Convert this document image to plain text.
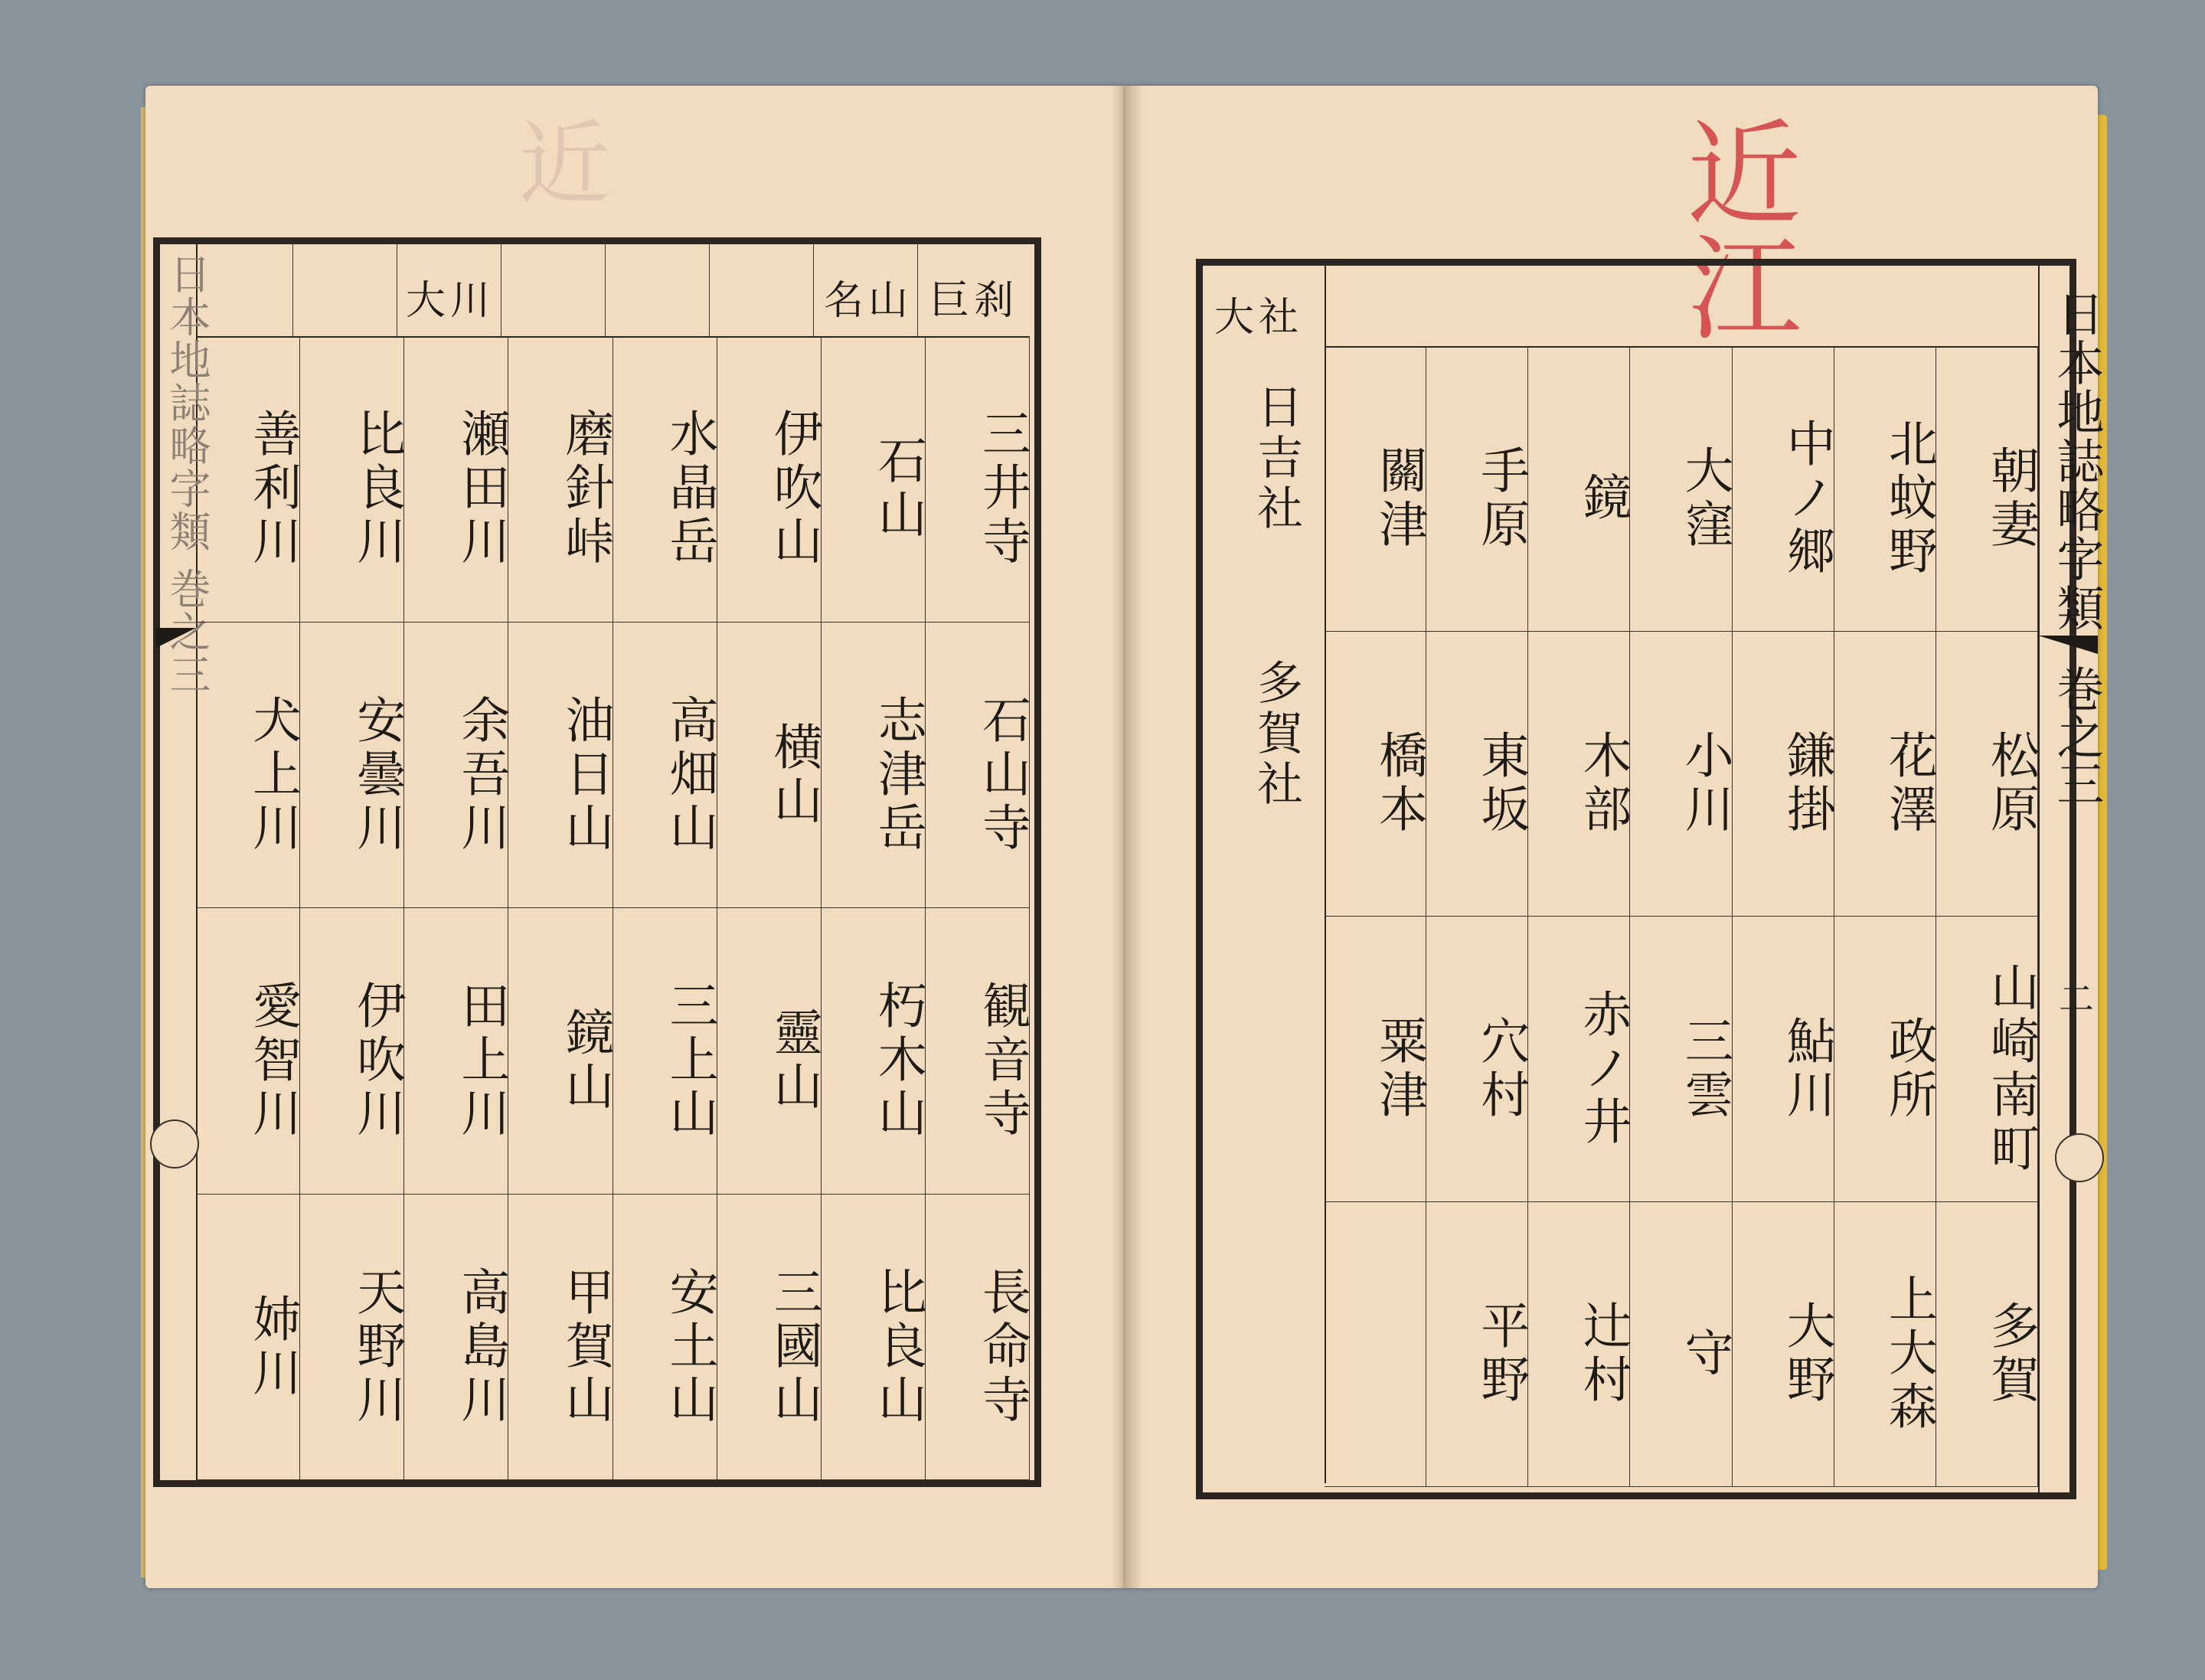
近	近江
日本地誌略字類 巻之三	巨刹
名山
大川
三井寺
石山
伊吹山
水晶岳
磨針峠
瀬田川
比良川
善利川
石山寺
志津岳
横山
高畑山
油日山
余吾川
安曇川
犬上川
観音寺
朽木山
靈山
三上山
鏡山
田上川
伊吹川
愛智川
長命寺
比良山
三國山
安土山
甲賀山
高島川
天野川
姉川
日本地誌略字類
巻之三
二
大社
日吉社
多賀社
朝妻
北蚊野
中ノ郷
大窪
鏡
手原
關津
松原
花澤
鎌掛
小川
木部
東坂
橋本
山崎南町
政所
鮎川
三雲
赤ノ井
穴村
粟津
多賀
上大森
大野
守
辻村
平野
